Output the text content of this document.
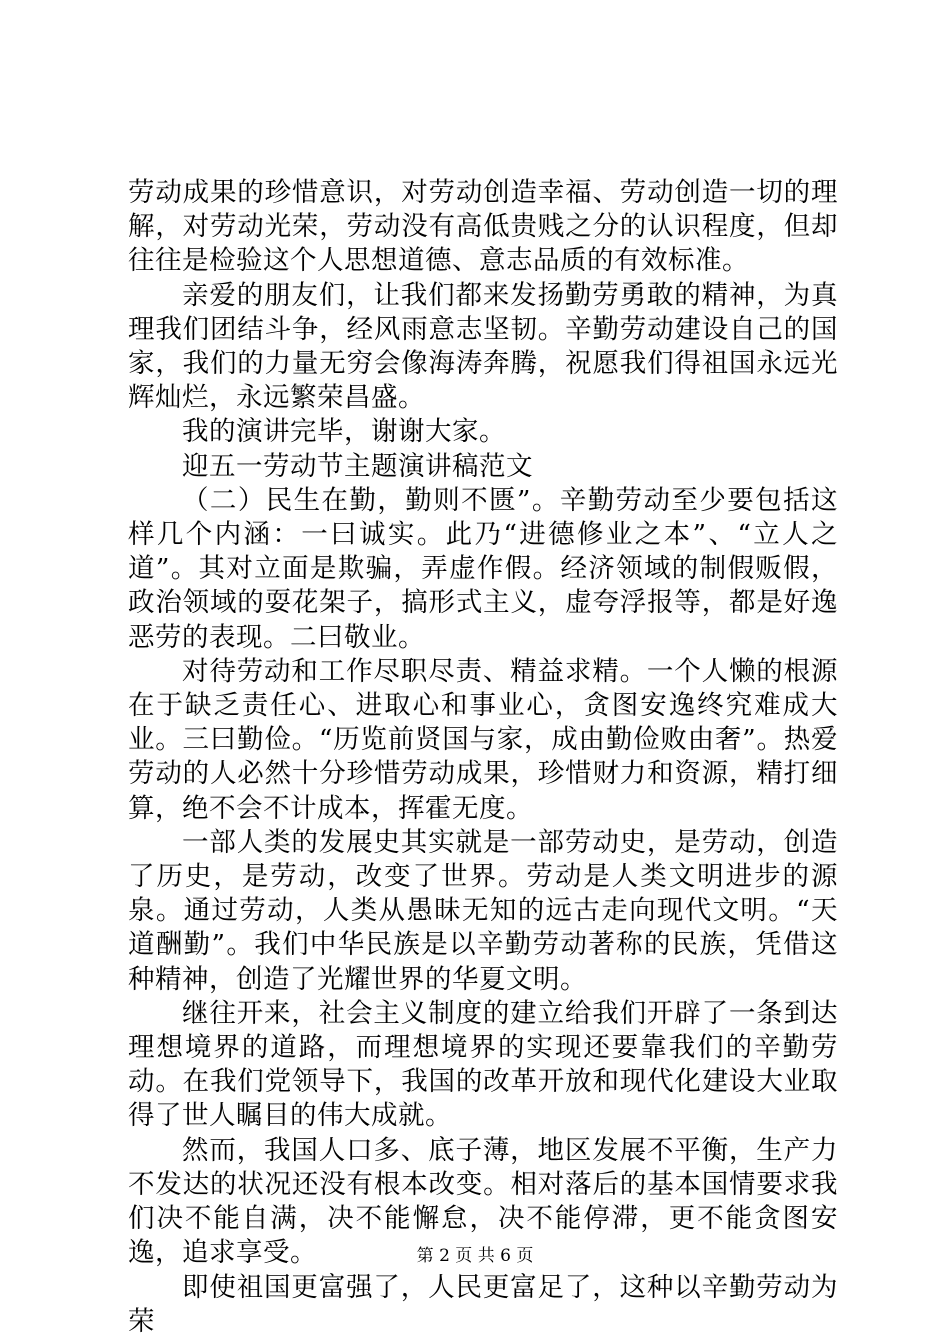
劳动成果的珍惜意识，对劳动创造幸福、劳动创造一切的理解，对劳动光荣，劳动没有高低贵贱之分的认识程度，但却往往是检验这个人思想道德、意志品质的有效标准。

亲爱的朋友们，让我们都来发扬勤劳勇敢的精神，为真理我们团结斗争，经风雨意志坚韧。辛勤劳动建设自己的国家，我们的力量无穷会像海涛奔腾，祝愿我们得祖国永远光辉灿烂，永远繁荣昌盛。

我的演讲完毕，谢谢大家。

迎五一劳动节主题演讲稿范文

（二）民生在勤，勤则不匮”。辛勤劳动至少要包括这样几个内涵：一曰诚实。此乃“进德修业之本”、“立人之道”。其对立面是欺骗，弄虚作假。经济领域的制假贩假，政治领域的耍花架子，搞形式主义，虚夸浮报等，都是好逸恶劳的表现。二曰敬业。

对待劳动和工作尽职尽责、精益求精。一个人懒的根源在于缺乏责任心、进取心和事业心，贪图安逸终究难成大业。三曰勤俭。“历览前贤国与家，成由勤俭败由奢”。热爱劳动的人必然十分珍惜劳动成果，珍惜财力和资源，精打细算，绝不会不计成本，挥霍无度。

一部人类的发展史其实就是一部劳动史，是劳动，创造了历史，是劳动，改变了世界。劳动是人类文明进步的源泉。通过劳动，人类从愚昧无知的远古走向现代文明。“天道酬勤”。我们中华民族是以辛勤劳动著称的民族，凭借这种精神，创造了光耀世界的华夏文明。

继往开来，社会主义制度的建立给我们开辟了一条到达理想境界的道路，而理想境界的实现还要靠我们的辛勤劳动。在我们党领导下，我国的改革开放和现代化建设大业取得了世人瞩目的伟大成就。

然而，我国人口多、底子薄，地区发展不平衡，生产力不发达的状况还没有根本改变。相对落后的基本国情要求我们决不能自满，决不能懈怠，决不能停滞，更不能贪图安逸，追求享受。

即使祖国更富强了，人民更富足了，这种以辛勤劳动为荣

第 2 页 共 6 页
